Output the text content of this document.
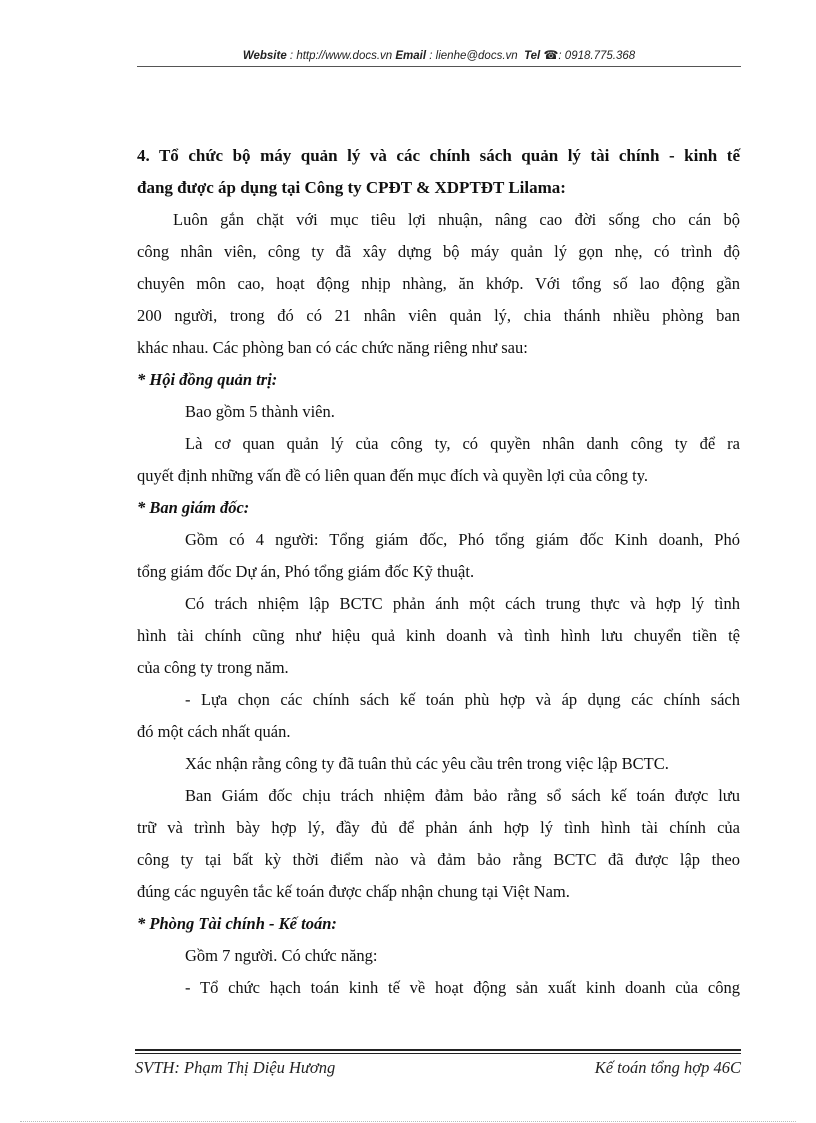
Website : http://www.docs.vn Email : lienhe@docs.vn Tel ☎: 0918.775.368
4. Tổ chức bộ máy quản lý và các chính sách quản lý tài chính - kinh tế
đang được áp dụng tại Công ty CPĐT & XDPTĐT Lilama:

Luôn gắn chặt với mục tiêu lợi nhuận, nâng cao đời sống cho cán bộ
công nhân viên, công ty đã xây dựng bộ máy quản lý gọn nhẹ, có trình độ
chuyên môn cao, hoạt động nhịp nhàng, ăn khớp. Với tổng số lao động gần
200 người, trong đó có 21 nhân viên quản lý, chia thánh nhiều phòng ban
khác nhau. Các phòng ban có các chức năng riêng như sau:

* Hội đồng quản trị:

Bao gồm 5 thành viên.

Là cơ quan quản lý của công ty, có quyền nhân danh công ty để ra
quyết định những vấn đề có liên quan đến mục đích và quyền lợi của công ty.

* Ban giám đốc:

Gồm có 4 người: Tổng giám đốc, Phó tổng giám đốc Kinh doanh, Phó
tổng giám đốc Dự án, Phó tổng giám đốc Kỹ thuật.

Có trách nhiệm lập BCTC phản ánh một cách trung thực và hợp lý tình
hình tài chính cũng như hiệu quả kinh doanh và tình hình lưu chuyển tiền tệ
của công ty trong năm.

- Lựa chọn các chính sách kế toán phù hợp và áp dụng các chính sách
đó một cách nhất quán.

Xác nhận rằng công ty đã tuân thủ các yêu cầu trên trong việc lập BCTC.

Ban Giám đốc chịu trách nhiệm đảm bảo rằng sổ sách kế toán được lưu
trữ và trình bày hợp lý, đầy đủ để phản ánh hợp lý tình hình tài chính của
công ty tại bất kỳ thời điểm nào và đảm bảo rằng BCTC đã được lập theo
đúng các nguyên tắc kế toán được chấp nhận chung tại Việt Nam.

* Phòng Tài chính - Kế toán:

Gồm 7 người. Có chức năng:

- Tổ chức hạch toán kinh tế về hoạt động sản xuất kinh doanh của công

SVTH: Phạm Thị Diệu Hương	Kế toán tổng hợp 46C
